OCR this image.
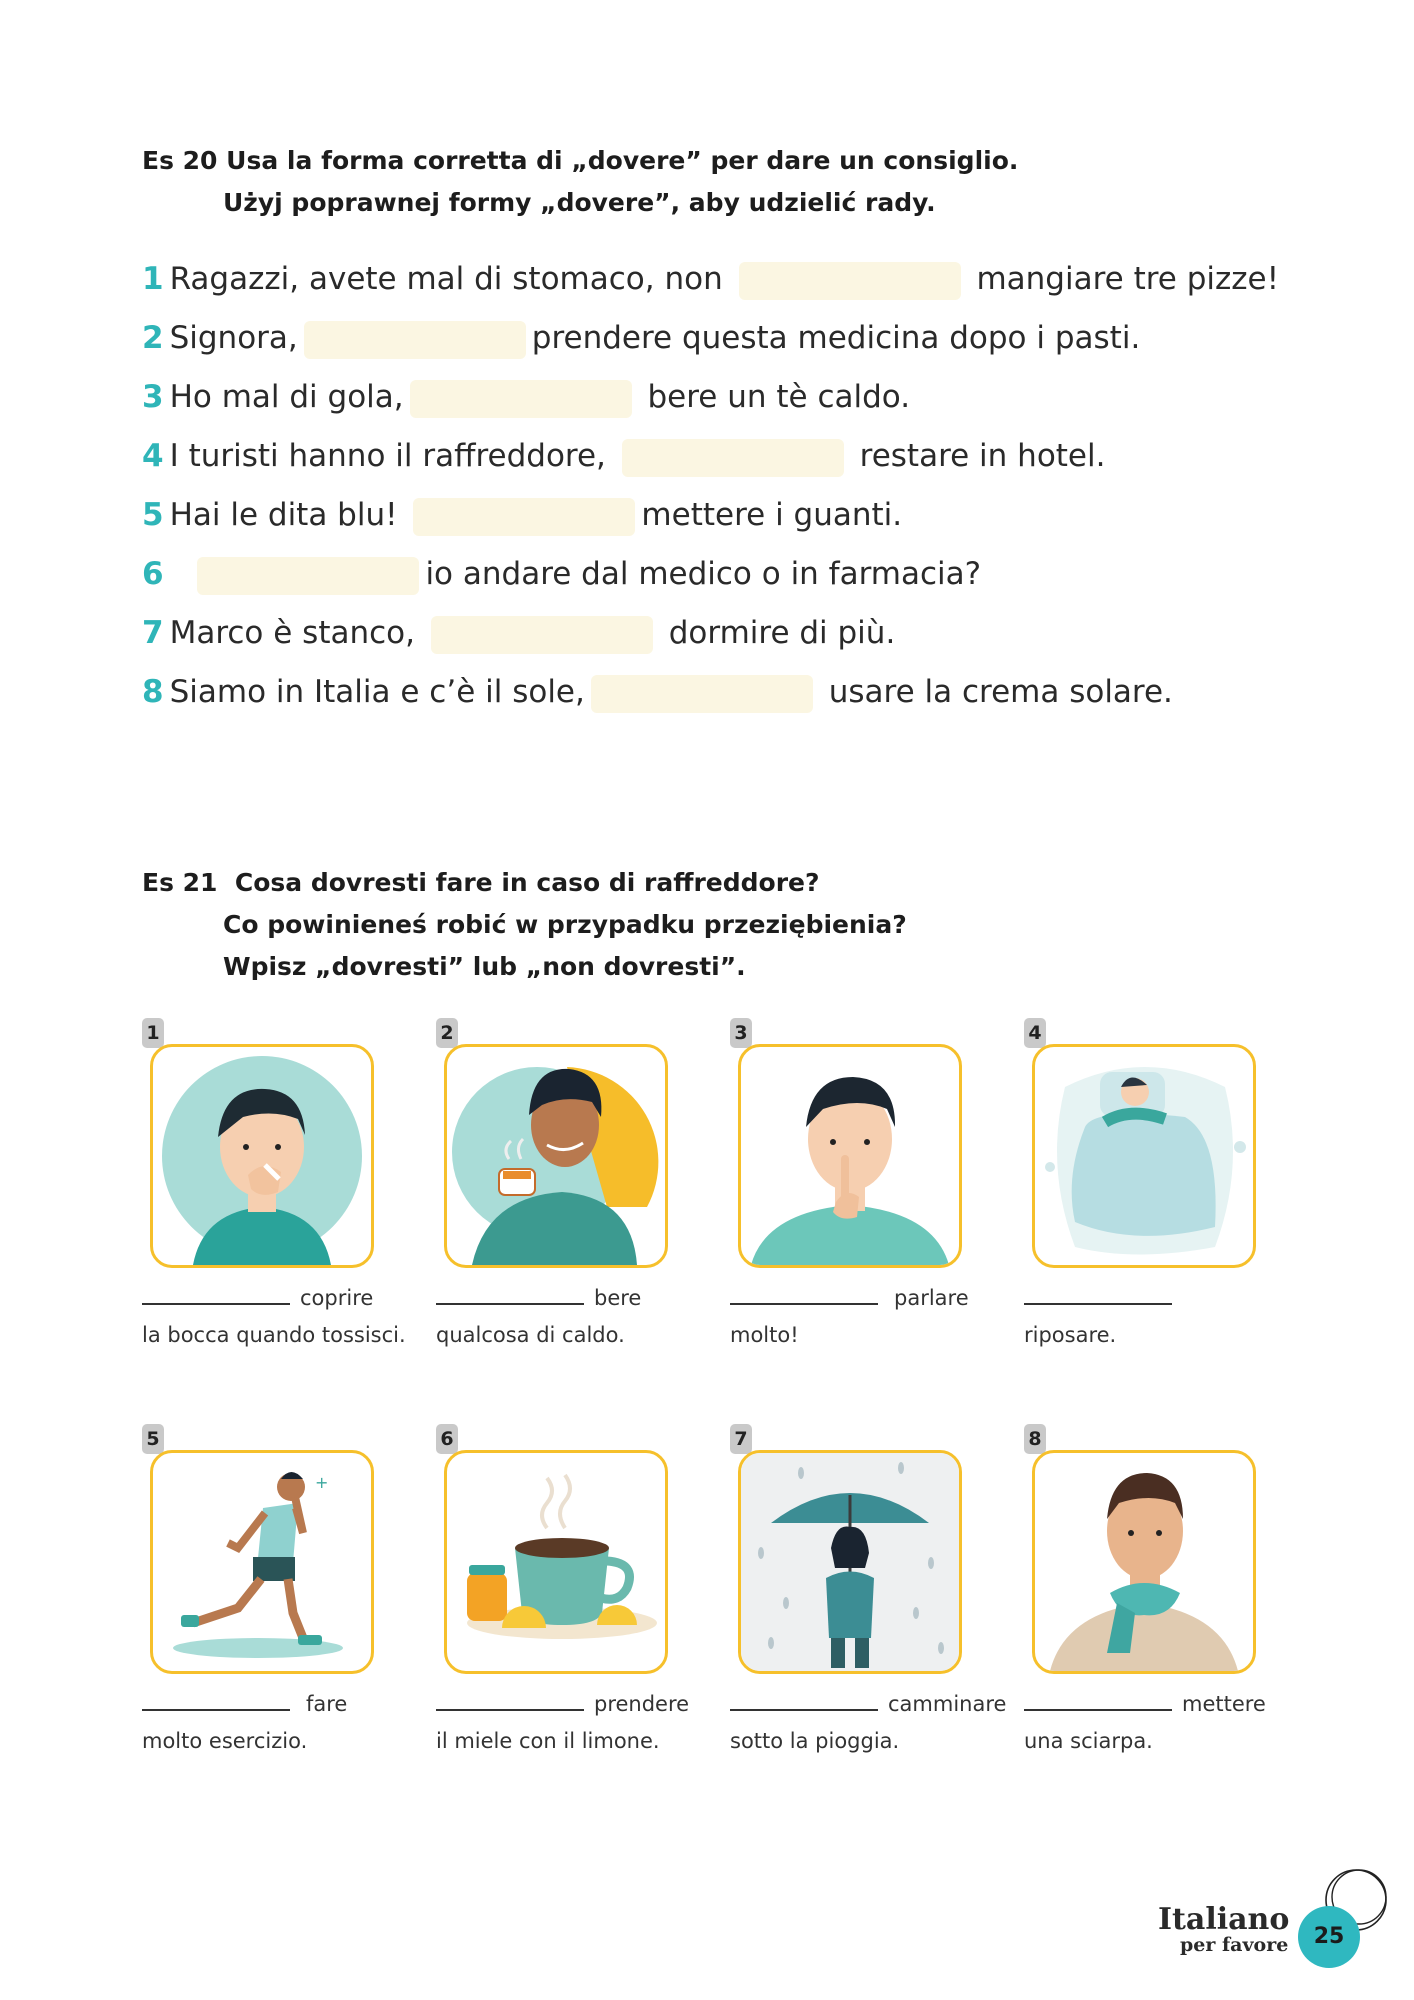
Es 20 Usa la forma corretta di „dovere” per dare un consiglio.
Użyj poprawnej formy „dovere”, aby udzielić rady.
1 Ragazzi, avete mal di stomaco, non	mangiare tre pizze!
2 Signora,	prendere questa medicina dopo i pasti.
3 Ho mal di gola,	bere un tè caldo.
4 I turisti hanno il raffreddore,	restare in hotel.
5 Hai le dita blu!	mettere i guanti.
6	io andare dal medico o in farmacia?
7 Marco è stanco,	dormire di più.
8 Siamo in Italia e c’è il sole,	usare la crema solare.
Es 21 Cosa dovresti fare in caso di raffreddore?
Co powinieneś robić w przypadku przeziębienia?
Wpisz „dovresti” lub „non dovresti”.
1
coprire
la bocca quando tossisci.
2
bere
qualcosa di caldo.
3
parlare
molto!
4
riposare.
5
+
fare
molto esercizio.
6
prendere
il miele con il limone.
7
camminare
sotto la pioggia.
8
mettere
una sciarpa.
Italiano
per favore	25
